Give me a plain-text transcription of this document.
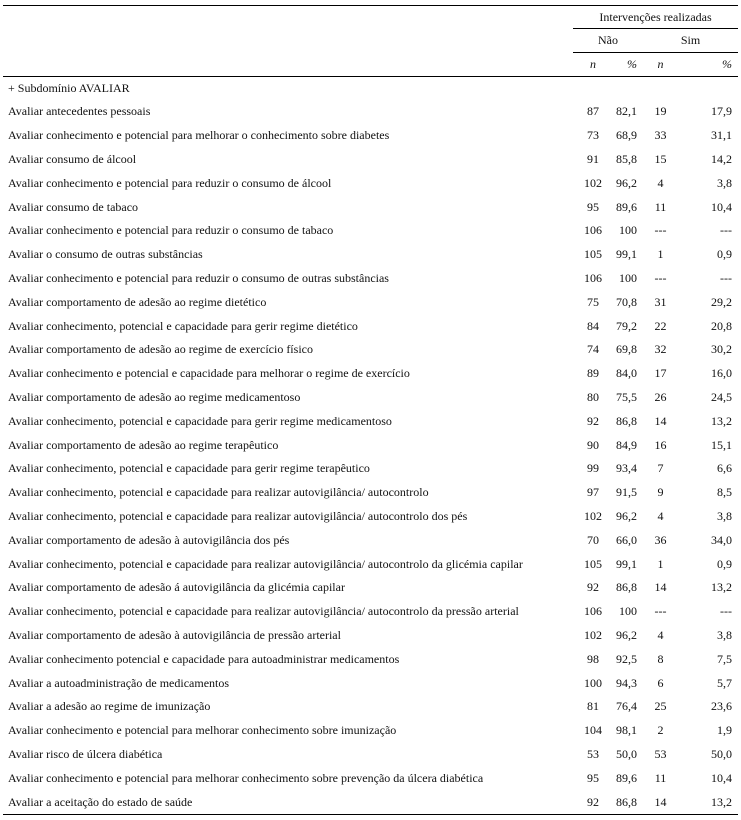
	Intervenções realizadas			
	Não		Sim	
	n	%	n	%
+ Subdomínio AVALIAR				
Avaliar antecedentes pessoais	87	82,1	19	17,9
Avaliar conhecimento e potencial para melhorar o conhecimento sobre diabetes	73	68,9	33	31,1
Avaliar consumo de álcool	91	85,8	15	14,2
Avaliar conhecimento e potencial para reduzir o consumo de álcool	102	96,2	4	3,8
Avaliar consumo de tabaco	95	89,6	11	10,4
Avaliar conhecimento e potencial para reduzir o consumo de tabaco	106	100	---	---
Avaliar o consumo de outras substâncias	105	99,1	1	0,9
Avaliar conhecimento e potencial para reduzir o consumo de outras substâncias	106	100	---	---
Avaliar comportamento de adesão ao regime dietético	75	70,8	31	29,2
Avaliar conhecimento, potencial e capacidade para gerir regime dietético	84	79,2	22	20,8
Avaliar comportamento de adesão ao regime de exercício físico	74	69,8	32	30,2
Avaliar conhecimento e potencial e capacidade para melhorar o regime de exercício	89	84,0	17	16,0
Avaliar comportamento de adesão ao regime medicamentoso	80	75,5	26	24,5
Avaliar conhecimento, potencial e capacidade para gerir regime medicamentoso	92	86,8	14	13,2
Avaliar comportamento de adesão ao regime terapêutico	90	84,9	16	15,1
Avaliar conhecimento, potencial e capacidade para gerir regime terapêutico	99	93,4	7	6,6
Avaliar conhecimento, potencial e capacidade para realizar autovigilância/ autocontrolo	97	91,5	9	8,5
Avaliar conhecimento, potencial e capacidade para realizar autovigilância/ autocontrolo dos pés	102	96,2	4	3,8
Avaliar comportamento de adesão à autovigilância dos pés	70	66,0	36	34,0
Avaliar conhecimento, potencial e capacidade para realizar autovigilância/ autocontrolo da glicémia capilar	105	99,1	1	0,9
Avaliar comportamento de adesão á autovigilância da glicémia capilar	92	86,8	14	13,2
Avaliar conhecimento, potencial e capacidade para realizar autovigilância/ autocontrolo da pressão arterial	106	100	---	---
Avaliar comportamento de adesão à autovigilância de pressão arterial	102	96,2	4	3,8
Avaliar conhecimento potencial e capacidade para autoadministrar medicamentos	98	92,5	8	7,5
Avaliar a autoadministração de medicamentos	100	94,3	6	5,7
Avaliar a adesão ao regime de imunização	81	76,4	25	23,6
Avaliar conhecimento e potencial para melhorar conhecimento sobre imunização	104	98,1	2	1,9
Avaliar risco de úlcera diabética	53	50,0	53	50,0
Avaliar conhecimento e potencial para melhorar conhecimento sobre prevenção da úlcera diabética	95	89,6	11	10,4
Avaliar a aceitação do estado de saúde	92	86,8	14	13,2
